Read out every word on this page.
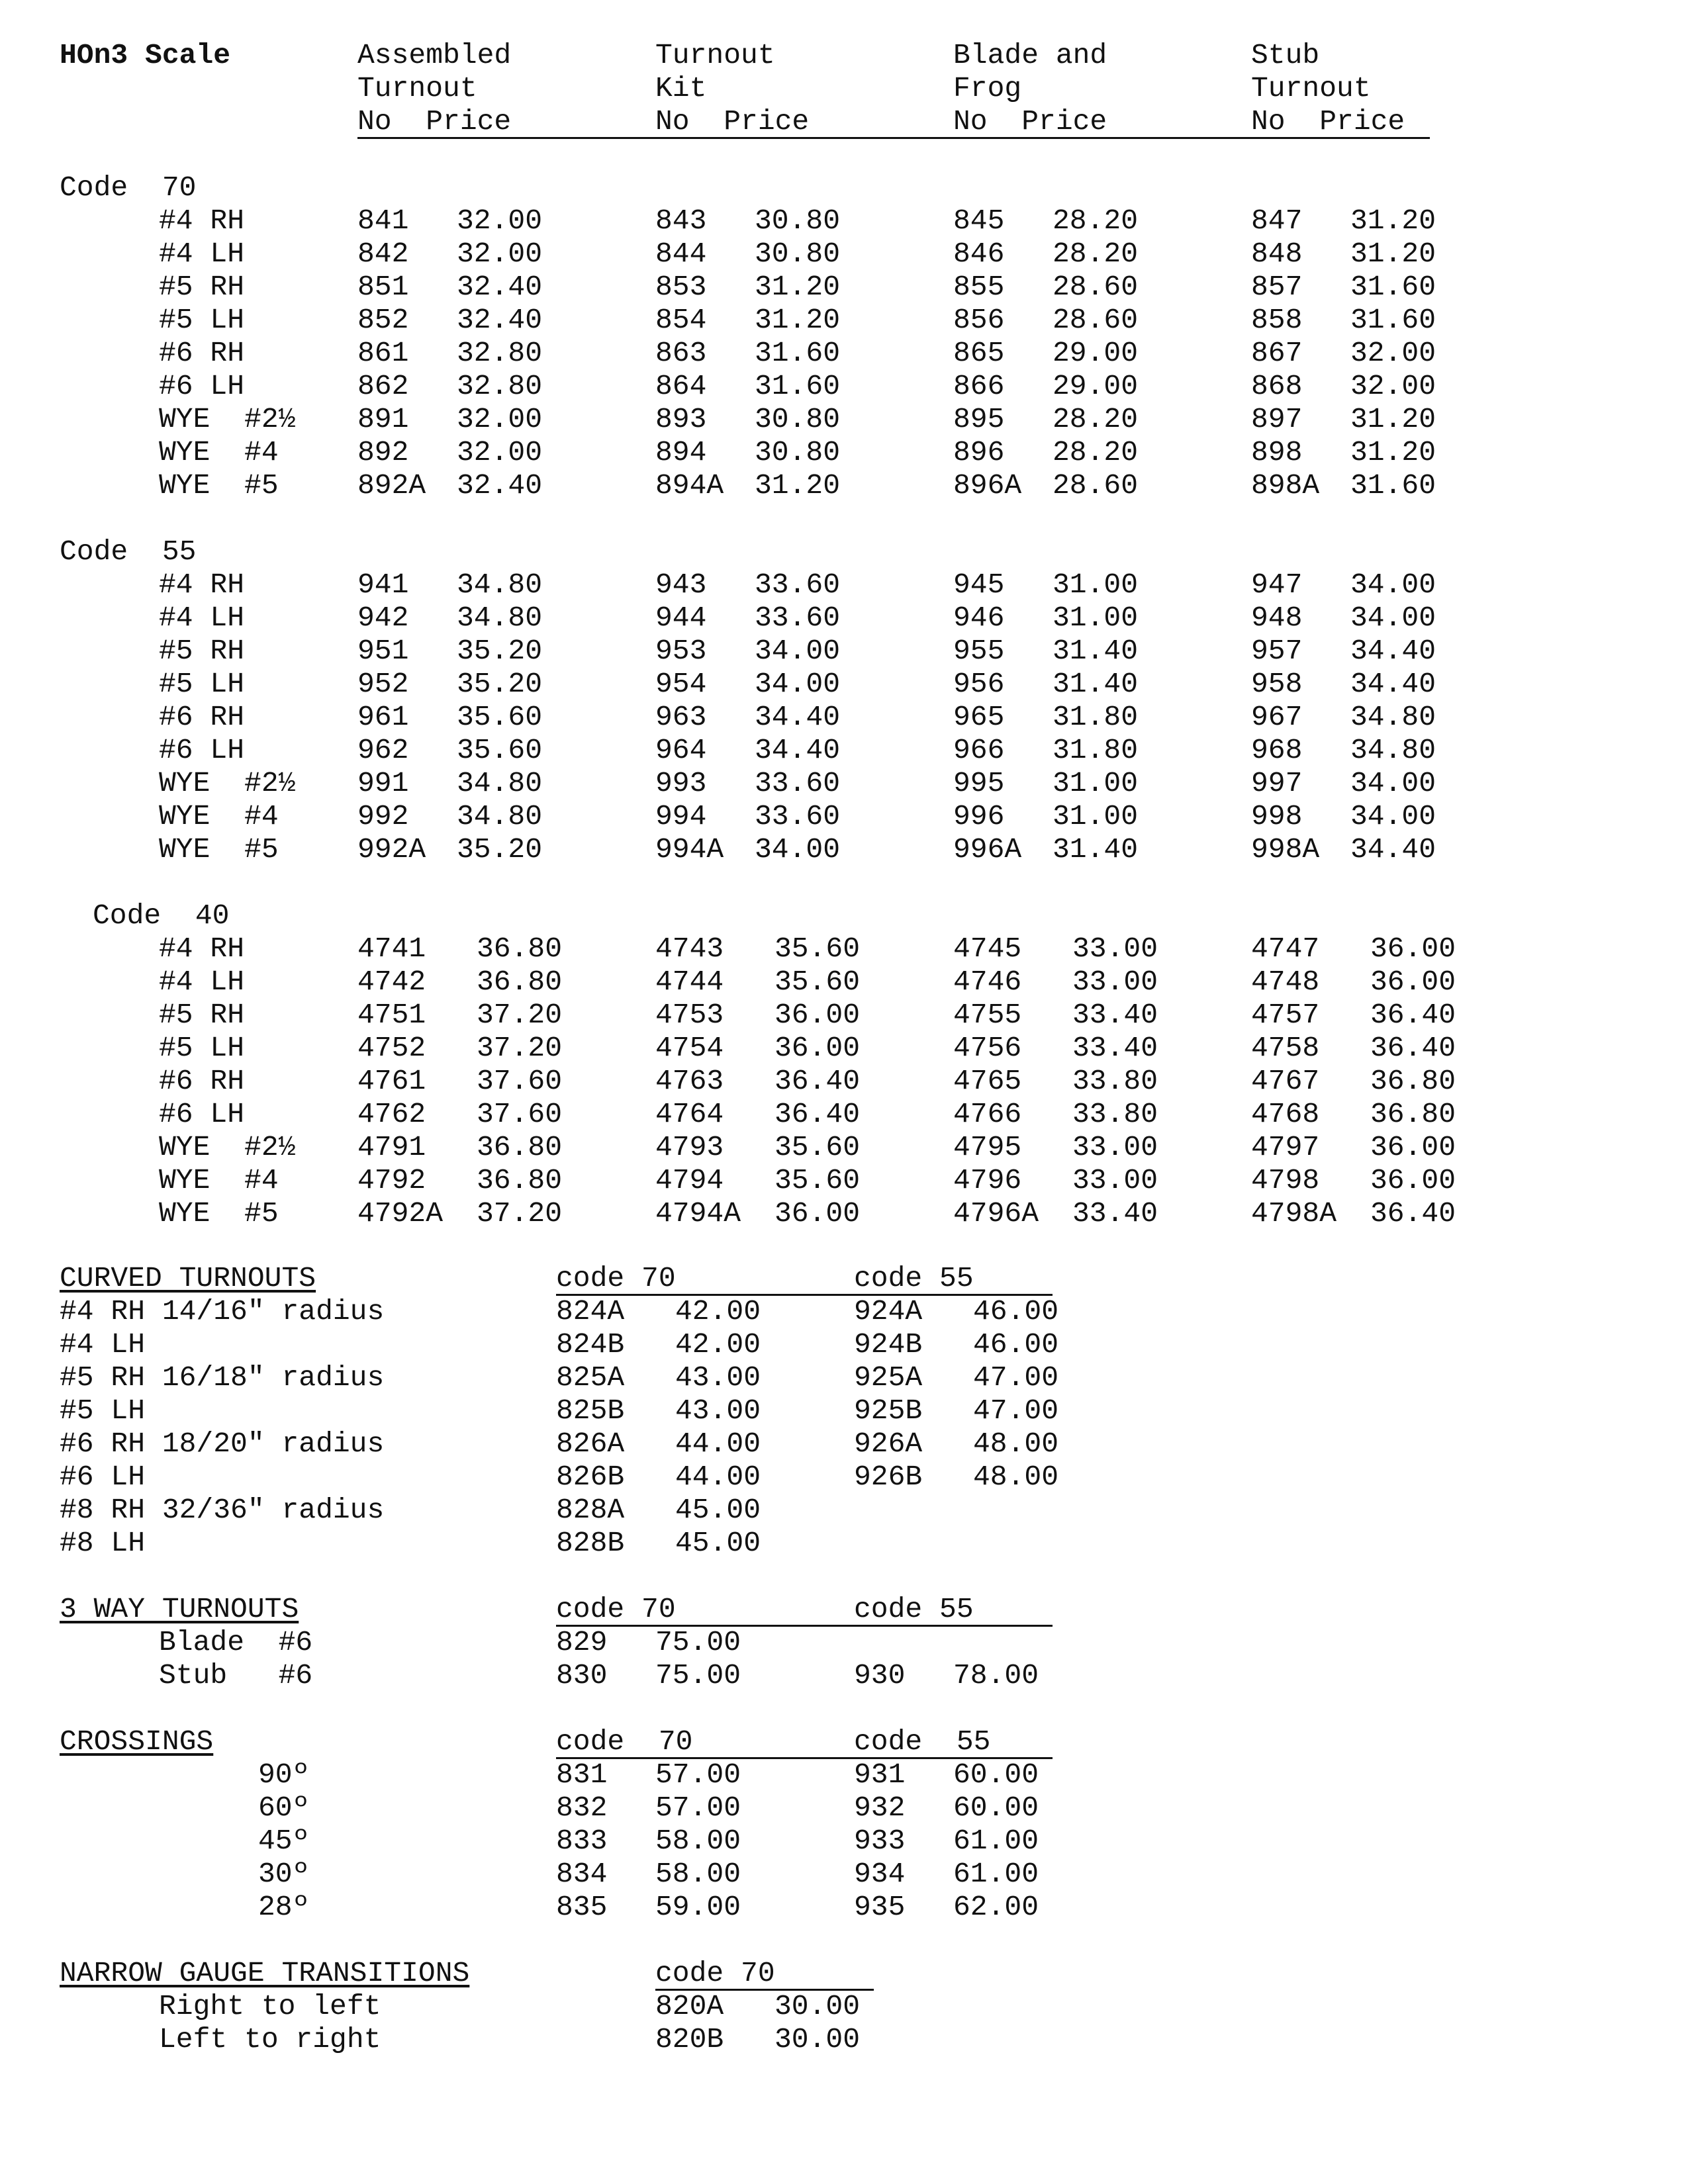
HOn3 Scale	Assembled	Turnout	Blade and	Stub
Turnout	Kit	Frog	Turnout
No  Price	No  Price	No  Price	No  Price
Code  70
#4 RH	841 32.00	843 30.80	845 28.20	847 31.20
#4 LH	842 32.00	844 30.80	846 28.20	848 31.20
#5 RH	851 32.40	853 31.20	855 28.60	857 31.60
#5 LH	852 32.40	854 31.20	856 28.60	858 31.60
#6 RH	861 32.80	863 31.60	865 29.00	867 32.00
#6 LH	862 32.80	864 31.60	866 29.00	868 32.00
WYE  #2½ 891 32.00	893 30.80	895 28.20	897 31.20
WYE  #4	892 32.00	894 30.80	896 28.20	898 31.20
WYE  #5	892A 32.40	894A 31.20	896A 28.60	898A 31.60
Code  55
#4 RH	941 34.80	943 33.60	945 31.00	947 34.00
#4 LH	942 34.80	944 33.60	946 31.00	948 34.00
#5 RH	951 35.20	953 34.00	955 31.40	957 34.40
#5 LH	952 35.20	954 34.00	956 31.40	958 34.40
#6 RH	961 35.60	963 34.40	965 31.80	967 34.80
#6 LH	962 35.60	964 34.40	966 31.80	968 34.80
WYE  #2½ 991 34.80	993 33.60	995 31.00	997 34.00
WYE  #4	992 34.80	994 33.60	996 31.00	998 34.00
WYE  #5	992A 35.20	994A 34.00	996A 31.40	998A 34.40
Code  40
#4 RH	4741 36.80	4743 35.60	4745 33.00	4747 36.00
#4 LH	4742 36.80	4744 35.60	4746 33.00	4748 36.00
#5 RH	4751 37.20	4753 36.00	4755 33.40	4757 36.40
#5 LH	4752 37.20	4754 36.00	4756 33.40	4758 36.40
#6 RH	4761 37.60	4763 36.40	4765 33.80	4767 36.80
#6 LH	4762 37.60	4764 36.40	4766 33.80	4768 36.80
WYE  #2½ 4791 36.80	4793 35.60	4795 33.00	4797 36.00
WYE  #4	4792 36.80	4794 35.60	4796 33.00	4798 36.00
WYE  #5	4792A 37.20	4794A 36.00	4796A 33.40	4798A 36.40
CURVED TURNOUTS	code 70	code 55
#4 RH 14/16" radius	824A 42.00	924A 46.00
#4 LH	824B 42.00	924B 46.00
#5 RH 16/18" radius	825A 43.00	925A 47.00
#5 LH	825B 43.00	925B 47.00
#6 RH 18/20" radius	826A 44.00	926A 48.00
#6 LH	826B 44.00	926B 48.00
#8 RH 32/36" radius	828A 45.00
#8 LH	828B 45.00
3 WAY TURNOUTS	code 70	code 55
Blade  #6	829 75.00
Stub   #6	830 75.00	930 78.00
CROSSINGS	code  70	code  55
90º	831 57.00	931 60.00
60º	832 57.00	932 60.00
45º	833 58.00	933 61.00
30º	834 58.00	934 61.00
28º	835 59.00	935 62.00
NARROW GAUGE TRANSITIONS	code 70
Right to left	820A 30.00
Left to right	820B 30.00
